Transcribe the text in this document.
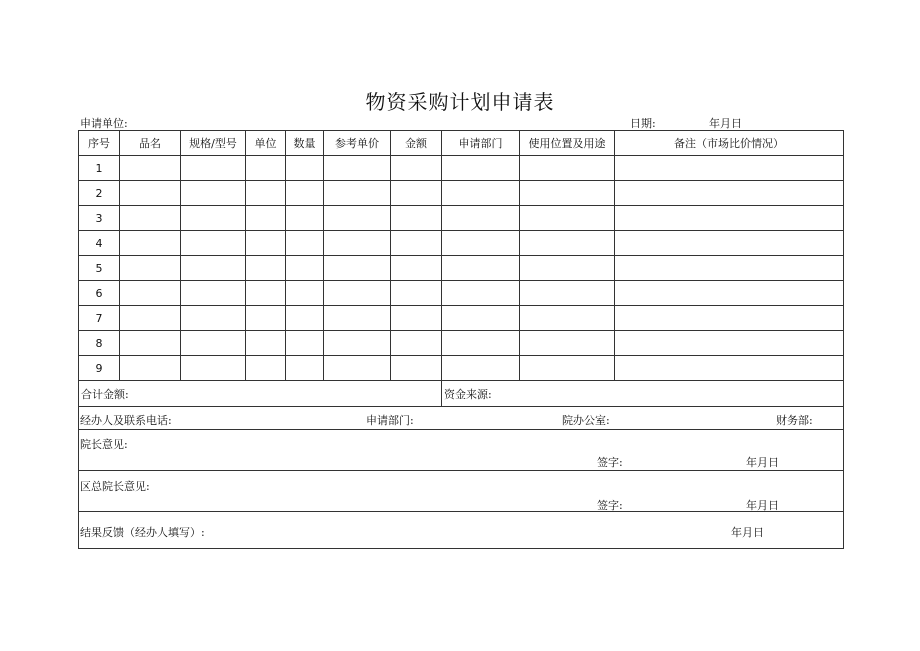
物资采购计划申请表
申请单位:	日期:	年月日
序号	品名	规格/型号	单位	数量	参考单价	金额	申请部门	使用位置及用途	备注（市场比价情况）
1									
2									
3									
4									
5									
6									
7									
8									
9									
合计金额:							资金来源:		

经办人及联系电话: 申请部门: 院办公室: 财务部:									

院长意见:
签字: 年月日									

区总院长意见:
签字: 年月日									

结果反馈（经办人填写）: 年月日									
